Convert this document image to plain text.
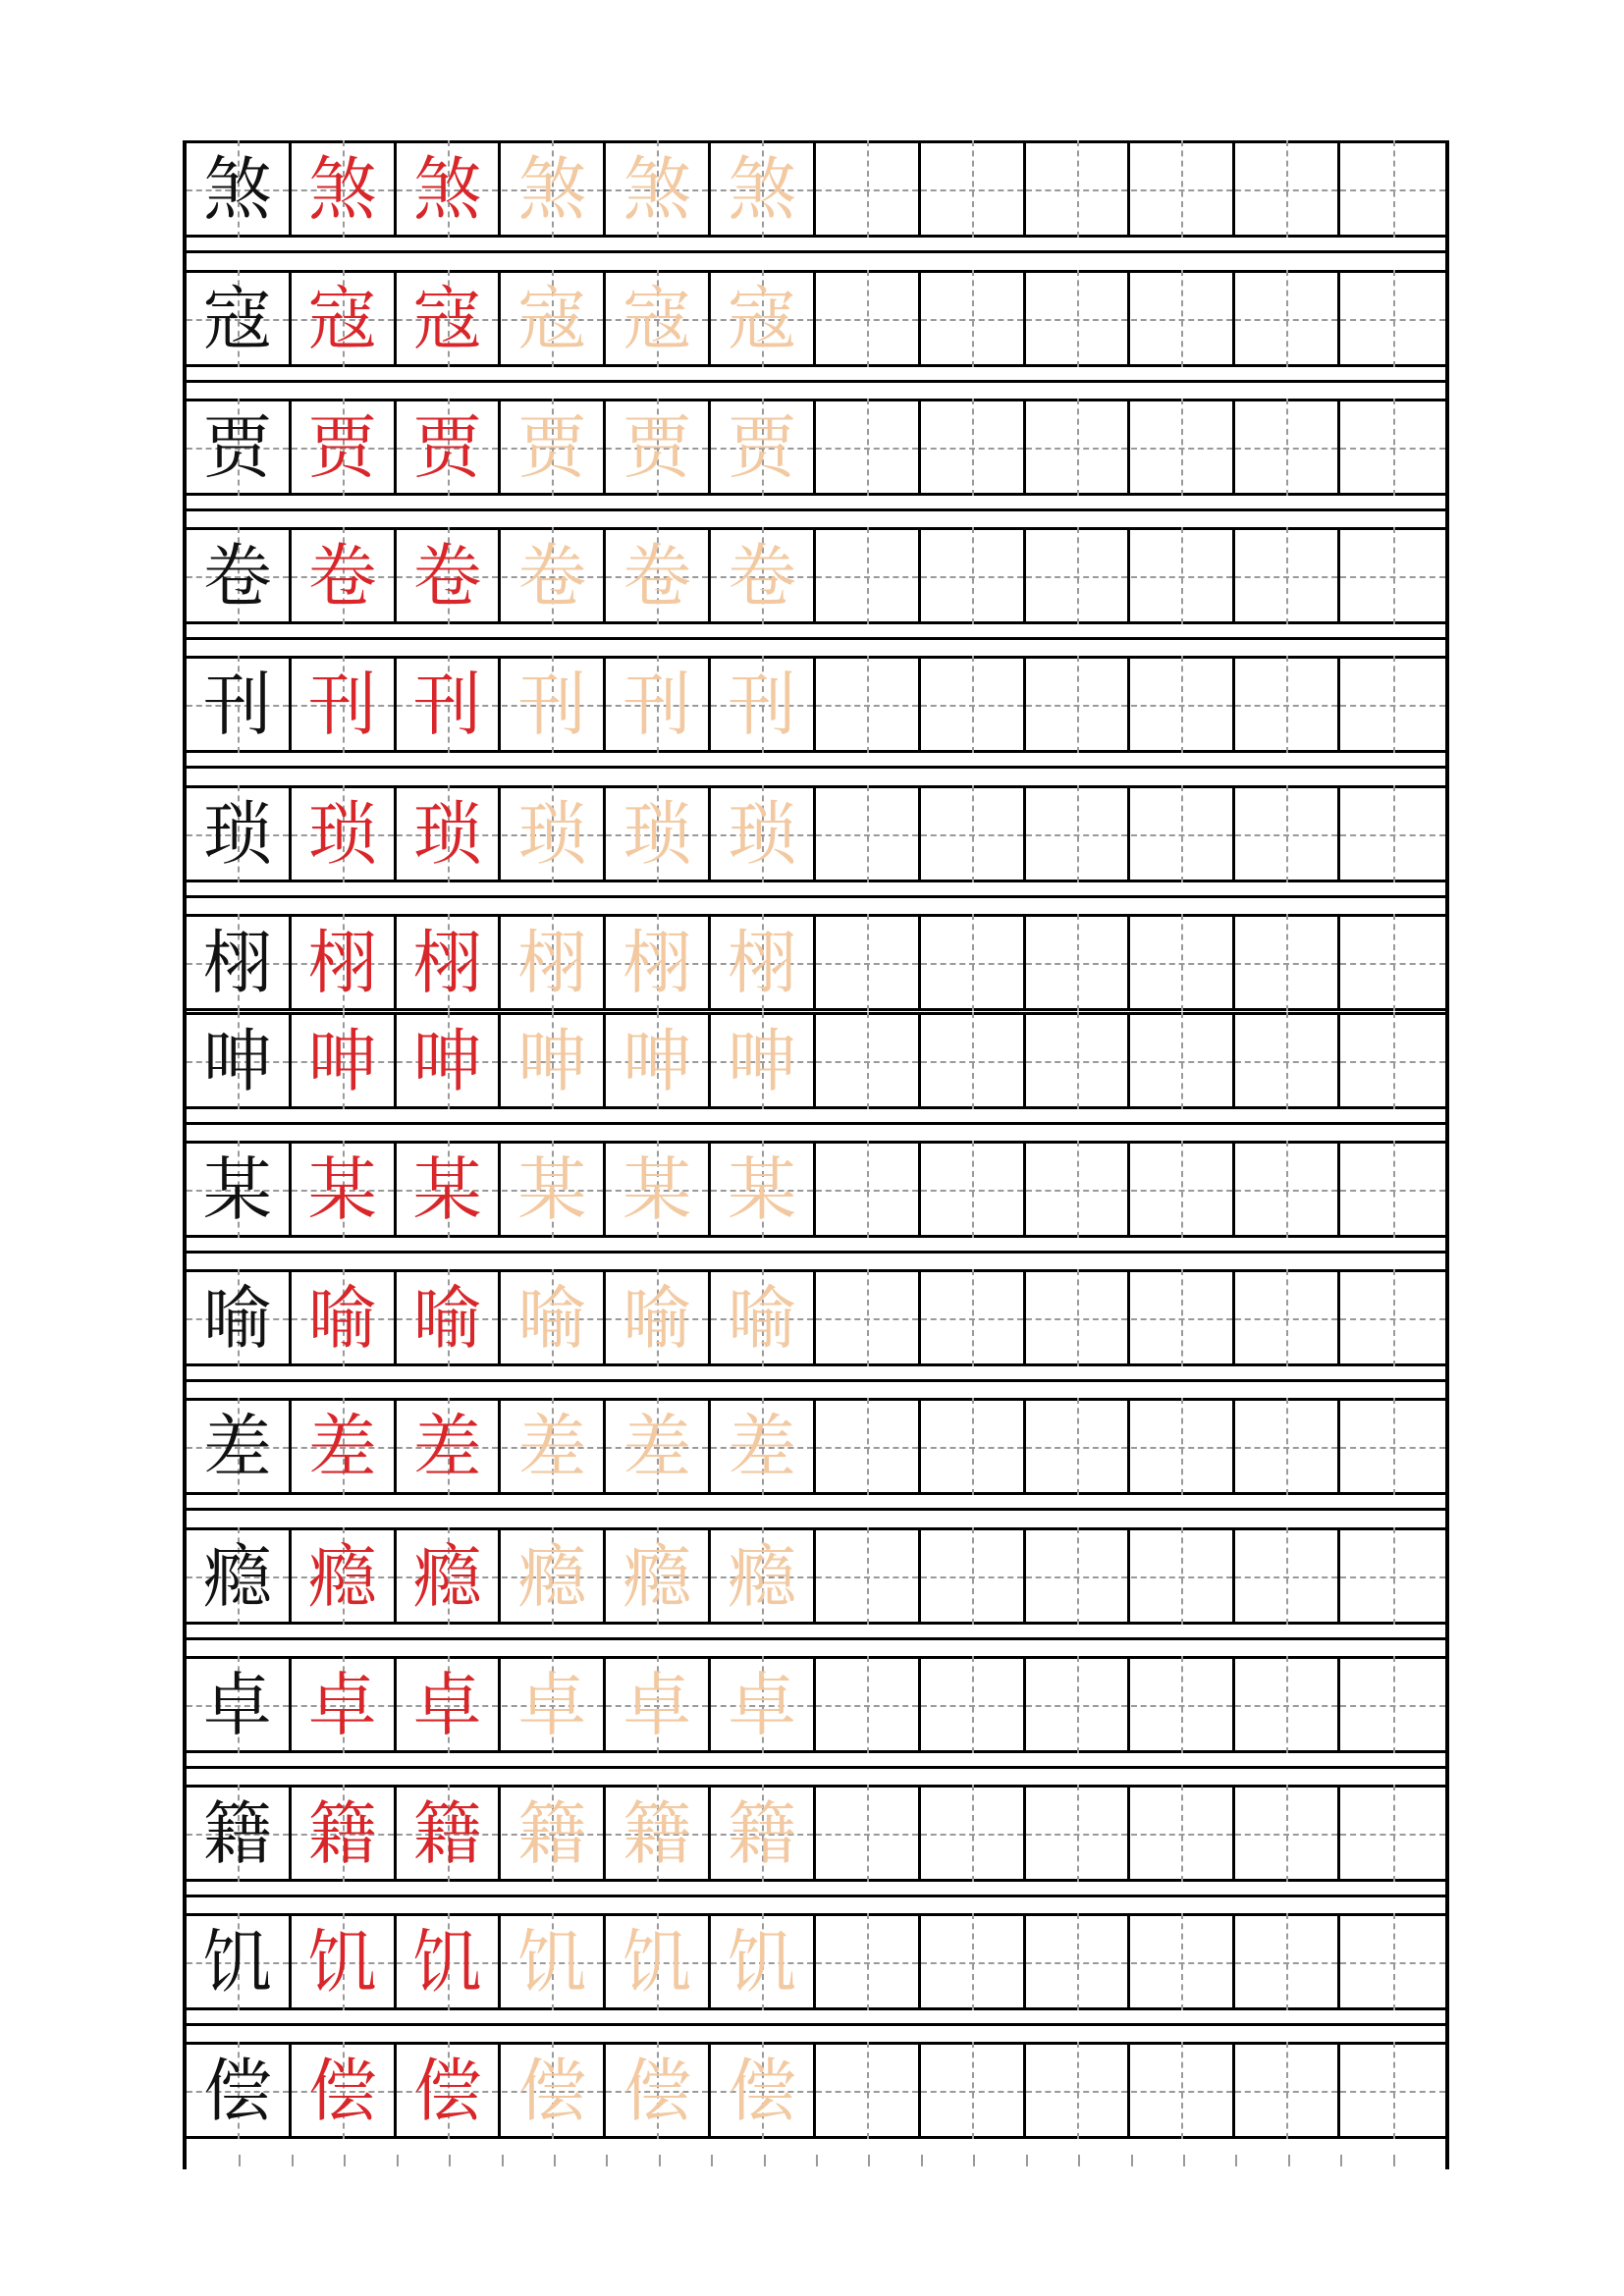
煞 煞 煞 煞 煞 煞
寇 寇 寇 寇 寇 寇
贾 贾 贾 贾 贾 贾
卷 卷 卷 卷 卷 卷
刊 刊 刊 刊 刊 刊
琐 琐 琐 琐 琐 琐
栩 栩 栩 栩 栩 栩
呻 呻 呻 呻 呻 呻
某 某 某 某 某 某
喻 喻 喻 喻 喻 喻
差 差 差 差 差 差
瘾 瘾 瘾 瘾 瘾 瘾
卓 卓 卓 卓 卓 卓
籍 籍 籍 籍 籍 籍
饥 饥 饥 饥 饥 饥
偿 偿 偿 偿 偿 偿
